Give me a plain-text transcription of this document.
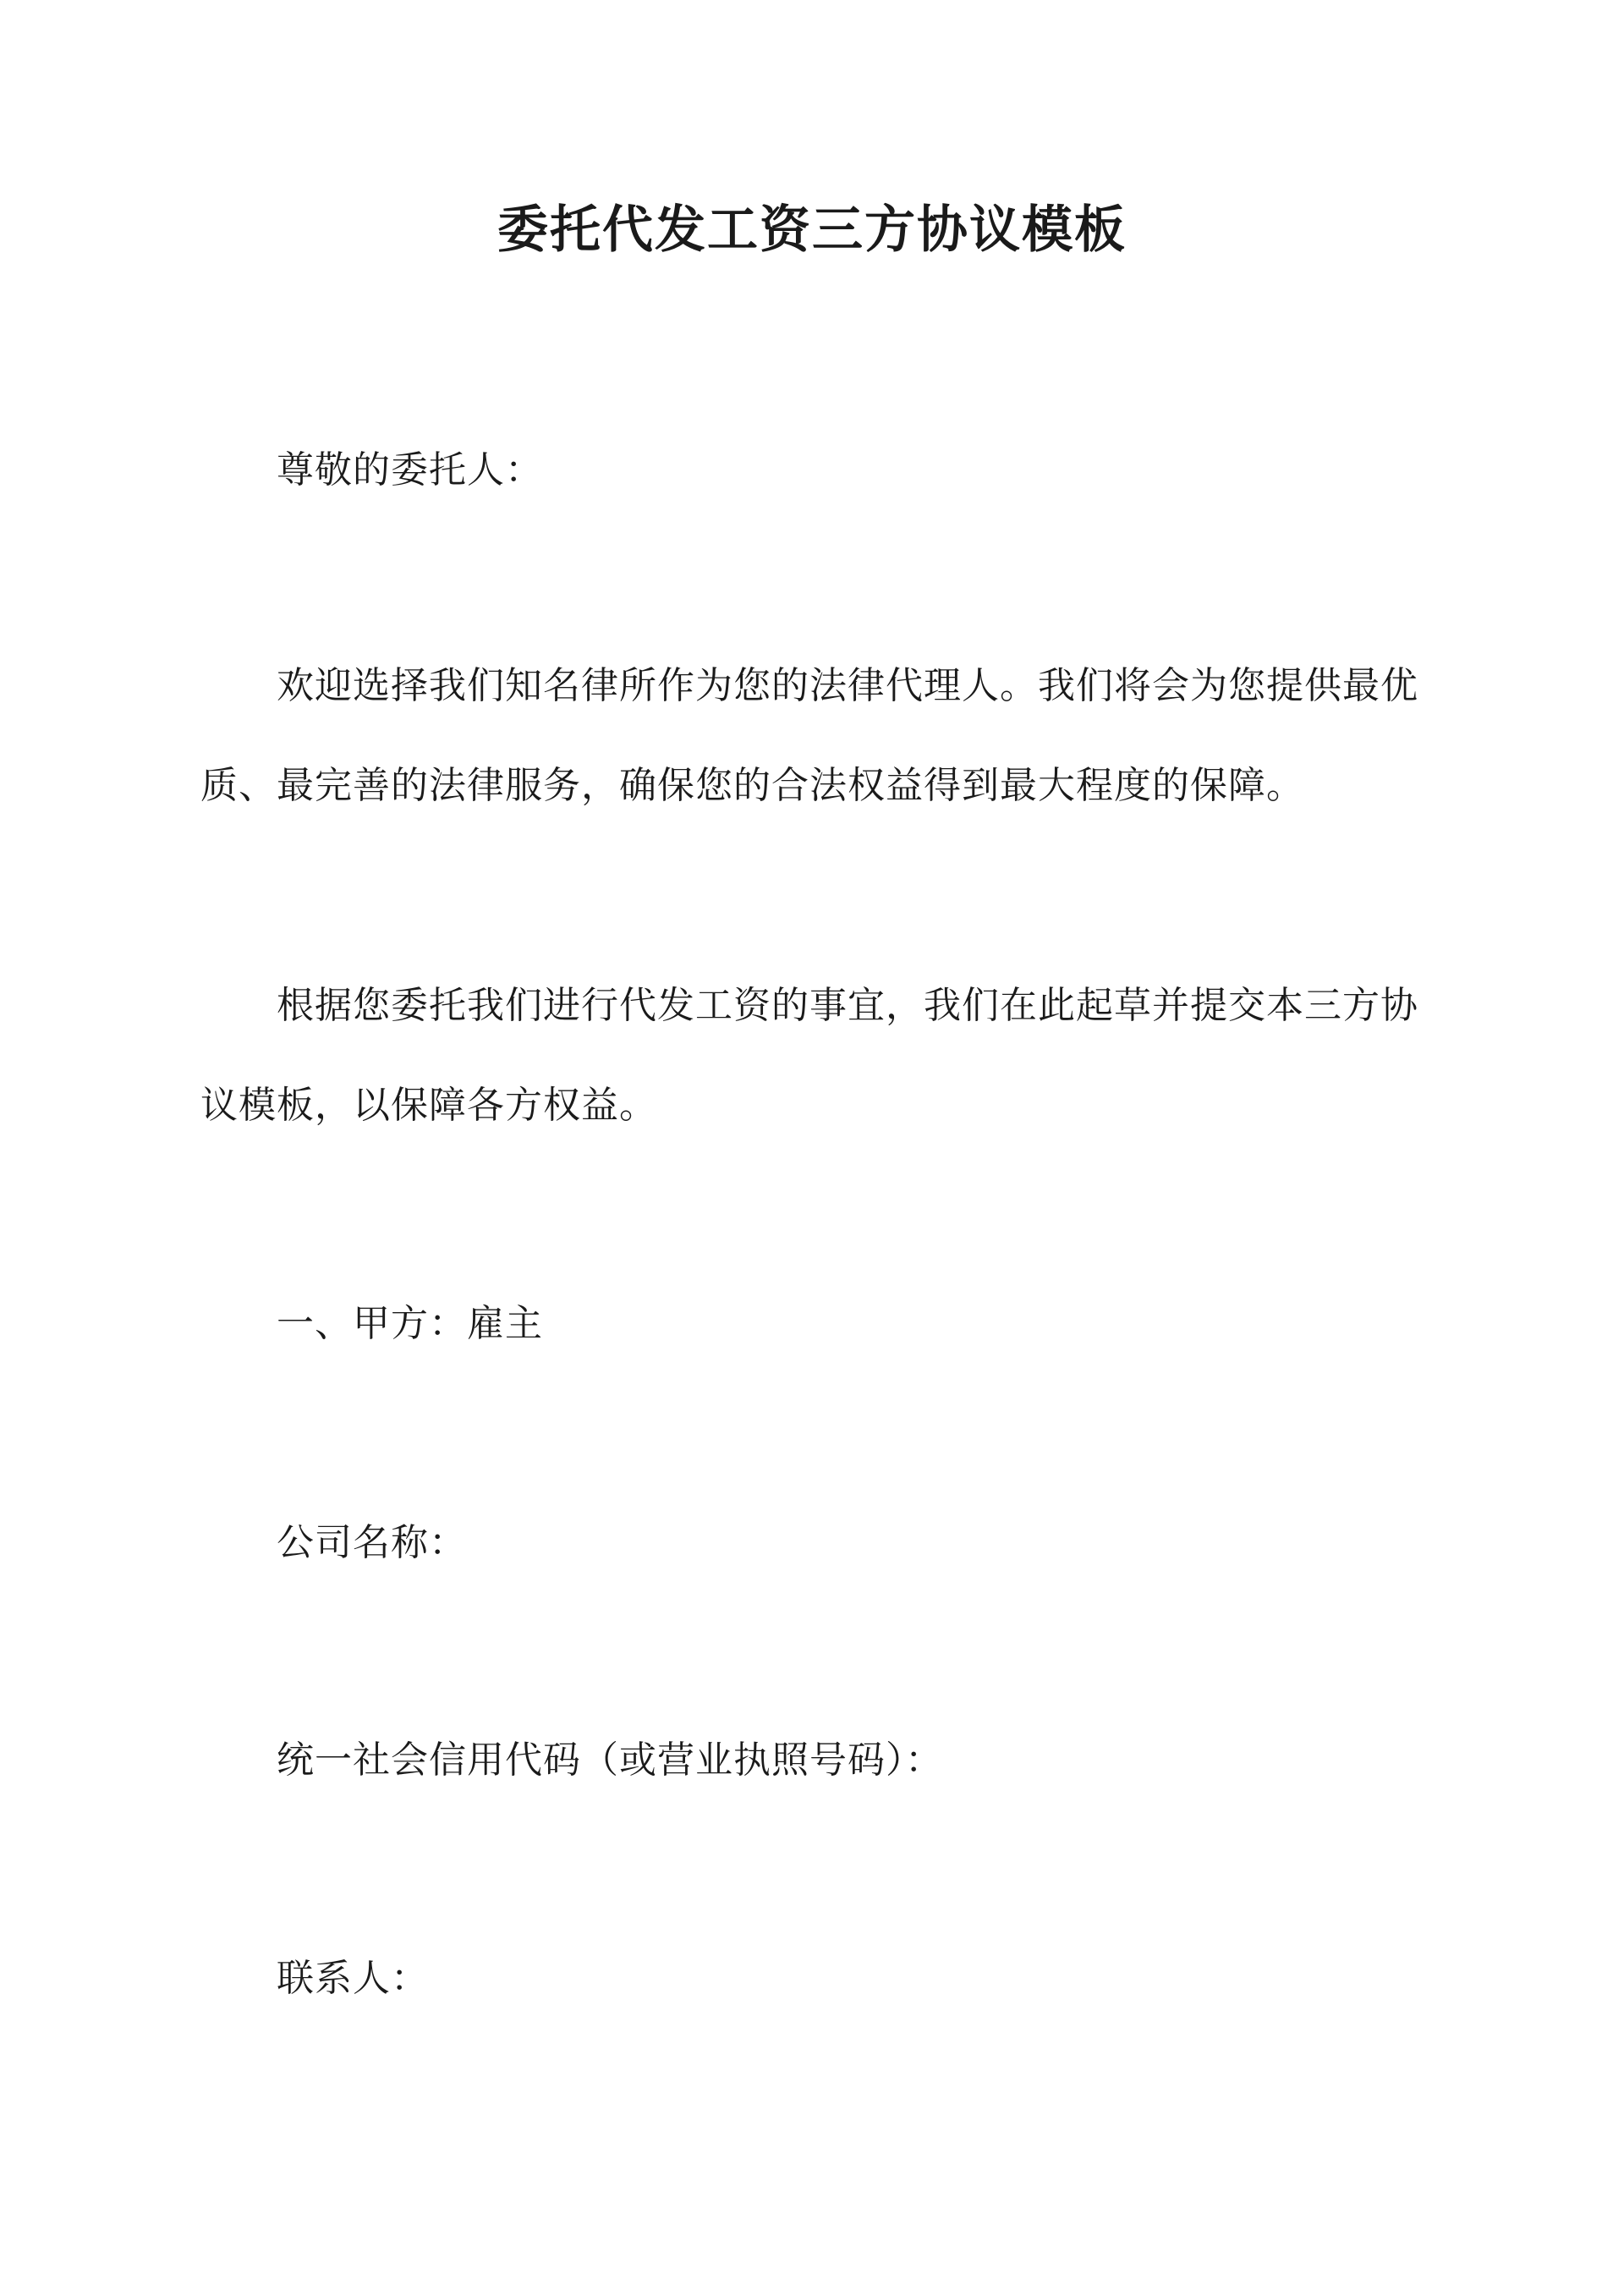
委托代发工资三方协议模板

尊敬的委托人：

欢迎选择我们知名律所作为您的法律代理人。我们将会为您提供最优质、最完善的法律服务，确保您的合法权益得到最大程度的保障。

根据您委托我们进行代发工资的事宜，我们在此起草并提交本三方协议模板，以保障各方权益。

一、甲方：雇主

公司名称：

统一社会信用代码（或营业执照号码）：

联系人：
